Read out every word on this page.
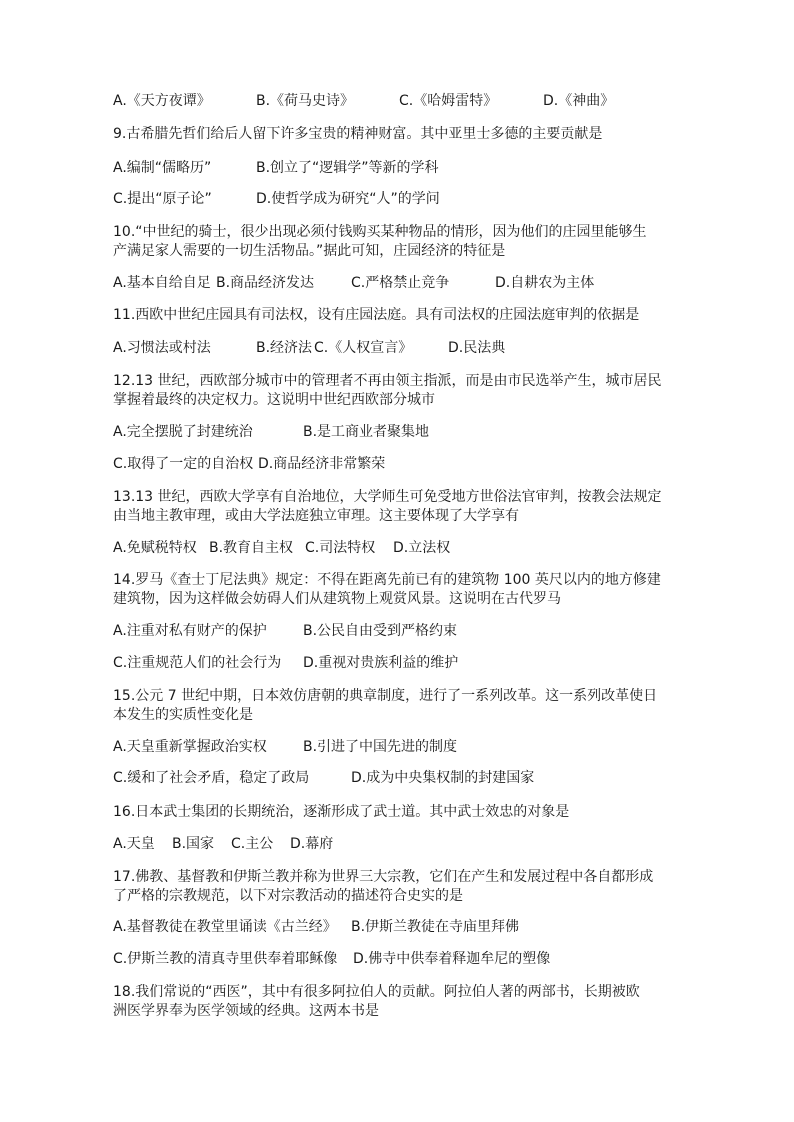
A.《天方夜谭》	B.《荷马史诗》	C.《哈姆雷特》	D.《神曲》
9.古希腊先哲们给后人留下许多宝贵的精神财富。其中亚里士多德的主要贡献是
A.编制“儒略历”	B.创立了“逻辑学”等新的学科
C.提出“原子论”	D.使哲学成为研究“人”的学问
10.“中世纪的骑士，很少出现必须付钱购买某种物品的情形，因为他们的庄园里能够生
产满足家人需要的一切生活物品。”据此可知，庄园经济的特征是
A.基本自给自足 B.商品经济发达	C.严格禁止竞争	D.自耕农为主体
11.西欧中世纪庄园具有司法权，设有庄园法庭。具有司法权的庄园法庭审判的依据是
A.习惯法或村法	B.经济法 C.《人权宣言》	D.民法典
12.13 世纪，西欧部分城市中的管理者不再由领主指派，而是由市民选举产生，城市居民
掌握着最终的决定权力。这说明中世纪西欧部分城市
A.完全摆脱了封建统治	B.是工商业者聚集地
C.取得了一定的自治权 D.商品经济非常繁荣
13.13 世纪，西欧大学享有自治地位，大学师生可免受地方世俗法官审判，按教会法规定
由当地主教审理，或由大学法庭独立审理。这主要体现了大学享有
A.免赋税特权 B.教育自主权 C.司法特权 D.立法权
14.罗马《查士丁尼法典》规定：不得在距离先前已有的建筑物 100 英尺以内的地方修建
建筑物，因为这样做会妨碍人们从建筑物上观赏风景。这说明在古代罗马
A.注重对私有财产的保护	B.公民自由受到严格约束
C.注重规范人们的社会行为 D.重视对贵族利益的维护
15.公元 7 世纪中期，日本效仿唐朝的典章制度，进行了一系列改革。这一系列改革使日
本发生的实质性变化是
A.天皇重新掌握政治实权	B.引进了中国先进的制度
C.缓和了社会矛盾，稳定了政局	D.成为中央集权制的封建国家
16.日本武士集团的长期统治，逐渐形成了武士道。其中武士效忠的对象是
A.天皇 B.国家 C.主公 D.幕府
17.佛教、基督教和伊斯兰教并称为世界三大宗教，它们在产生和发展过程中各自都形成
了严格的宗教规范，以下对宗教活动的描述符合史实的是
A.基督教徒在教堂里诵读《古兰经》 B.伊斯兰教徒在寺庙里拜佛
C.伊斯兰教的清真寺里供奉着耶稣像 D.佛寺中供奉着释迦牟尼的塑像
18.我们常说的“西医”，其中有很多阿拉伯人的贡献。阿拉伯人著的两部书，长期被欧
洲医学界奉为医学领域的经典。这两本书是
